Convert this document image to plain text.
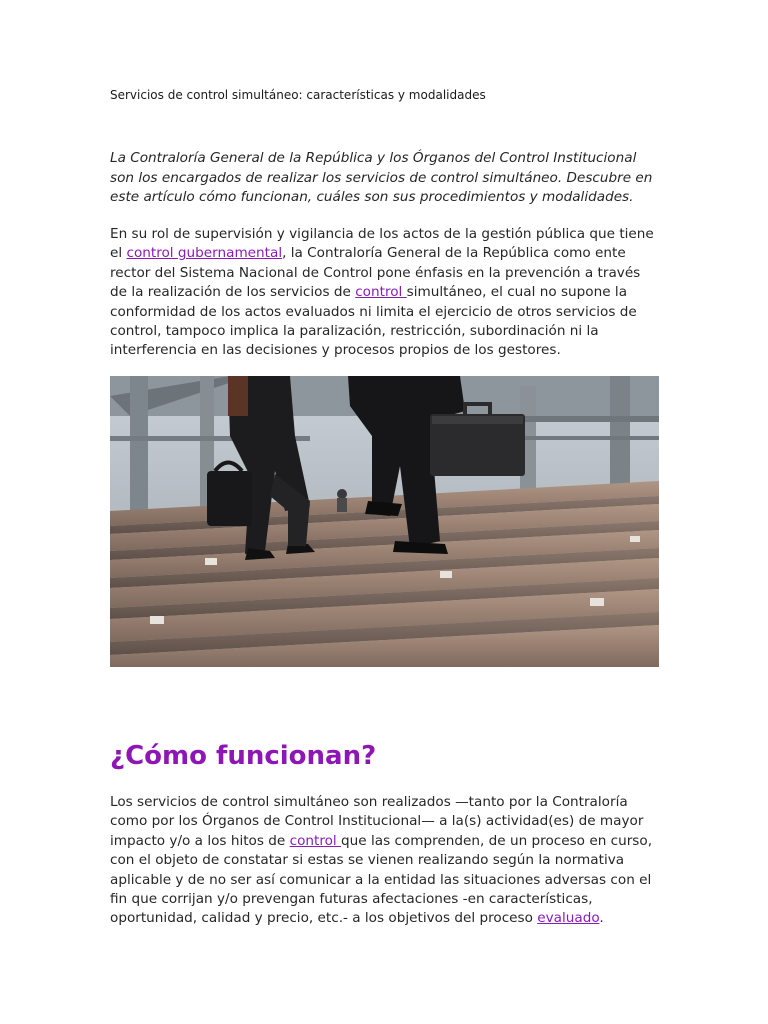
Servicios de control simultáneo: características y modalidades

La Contraloría General de la República y los Órganos del Control Institucional son los encargados de realizar los servicios de control simultáneo. Descubre en este artículo cómo funcionan, cuáles son sus procedimientos y modalidades.

En su rol de supervisión y vigilancia de los actos de la gestión pública que tiene el control gubernamental, la Contraloría General de la República como ente rector del Sistema Nacional de Control pone énfasis en la prevención a través de la realización de los servicios de control simultáneo, el cual no supone la conformidad de los actos evaluados ni limita el ejercicio de otros servicios de control, tampoco implica la paralización, restricción, subordinación ni la interferencia en las decisiones y procesos propios de los gestores.

¿Cómo funcionan?

Los servicios de control simultáneo son realizados —tanto por la Contraloría como por los Órganos de Control Institucional— a la(s) actividad(es) de mayor impacto y/o a los hitos de control que las comprenden, de un proceso en curso, con el objeto de constatar si estas se vienen realizando según la normativa aplicable y de no ser así comunicar a la entidad las situaciones adversas con el fin que corrijan y/o prevengan futuras afectaciones -en características, oportunidad, calidad y precio, etc.- a los objetivos del proceso evaluado.
